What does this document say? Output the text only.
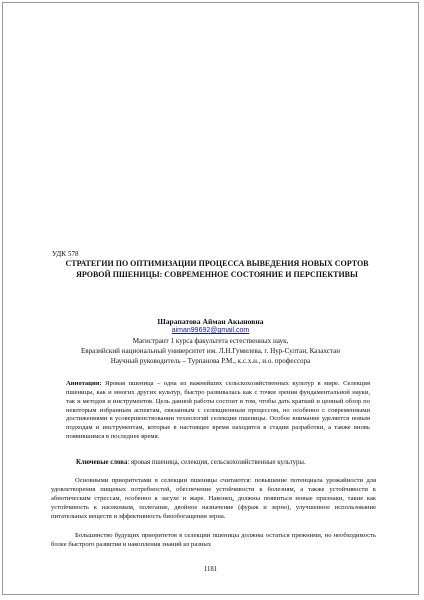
УДК 578
СТРАТЕГИИ ПО ОПТИМИЗАЦИИ ПРОЦЕССА ВЫВЕДЕНИЯ НОВЫХ СОРТОВ
ЯРОВОЙ ПШЕНИЦЫ: СОВРЕМЕННОЕ СОСТОЯНИЕ И ПЕРСПЕКТИВЫ
Шарапатова Айман Акыновна
aiman99692@gmail.com
Магистрант 1 курса факультета естественных наук,
Евразийский национальный университет им. Л.Н.Гумилева, г. Нур-Султан, Казахстан
Научный руководитель – Турпанова Р.М., к.с.х.н., и.о. профессора
Аннотация: Яровая пшеница – одна из важнейших сельскохозяйственных культур в мире. Селекция пшеницы, как и многих других культур, быстро развивалась как с точки зрения фундаментальной науки, так и методов и инструментов. Цель данной работы состоит в том, чтобы дать краткий и ценный обзор по некоторым избранным аспектам, связанным с селекционным процессом, но особенно с современными достижениями в усовершенствовании технологий селекции пшеницы. Особое внимание уделяется новым подходам и инструментам, которые в настоящее время находятся в стадии разработки, а также вновь появившимся в последнее время.
Ключевые слова: яровая пшеница, селекция, сельскохозяйственные культуры.

Основными приоритетами в селекции пшеницы считаются: повышение потенциала урожайности для удовлетворения пищевых потребностей, обеспечение устойчивости к болезням, а также устойчивости к абиотическим стрессам, особенно к засухе и жаре. Наконец, должны появиться новые признаки, такие как устойчивость к насекомым, полегание, двойное назначение (фураж и зерно), улучшенное использование питательных веществ и эффективность биообогащения зерна.

Большинство будущих приоритетов в селекции пшеницы должны остаться прежними, но необходимость более быстрого развития и накопления знаний из разных

1181
